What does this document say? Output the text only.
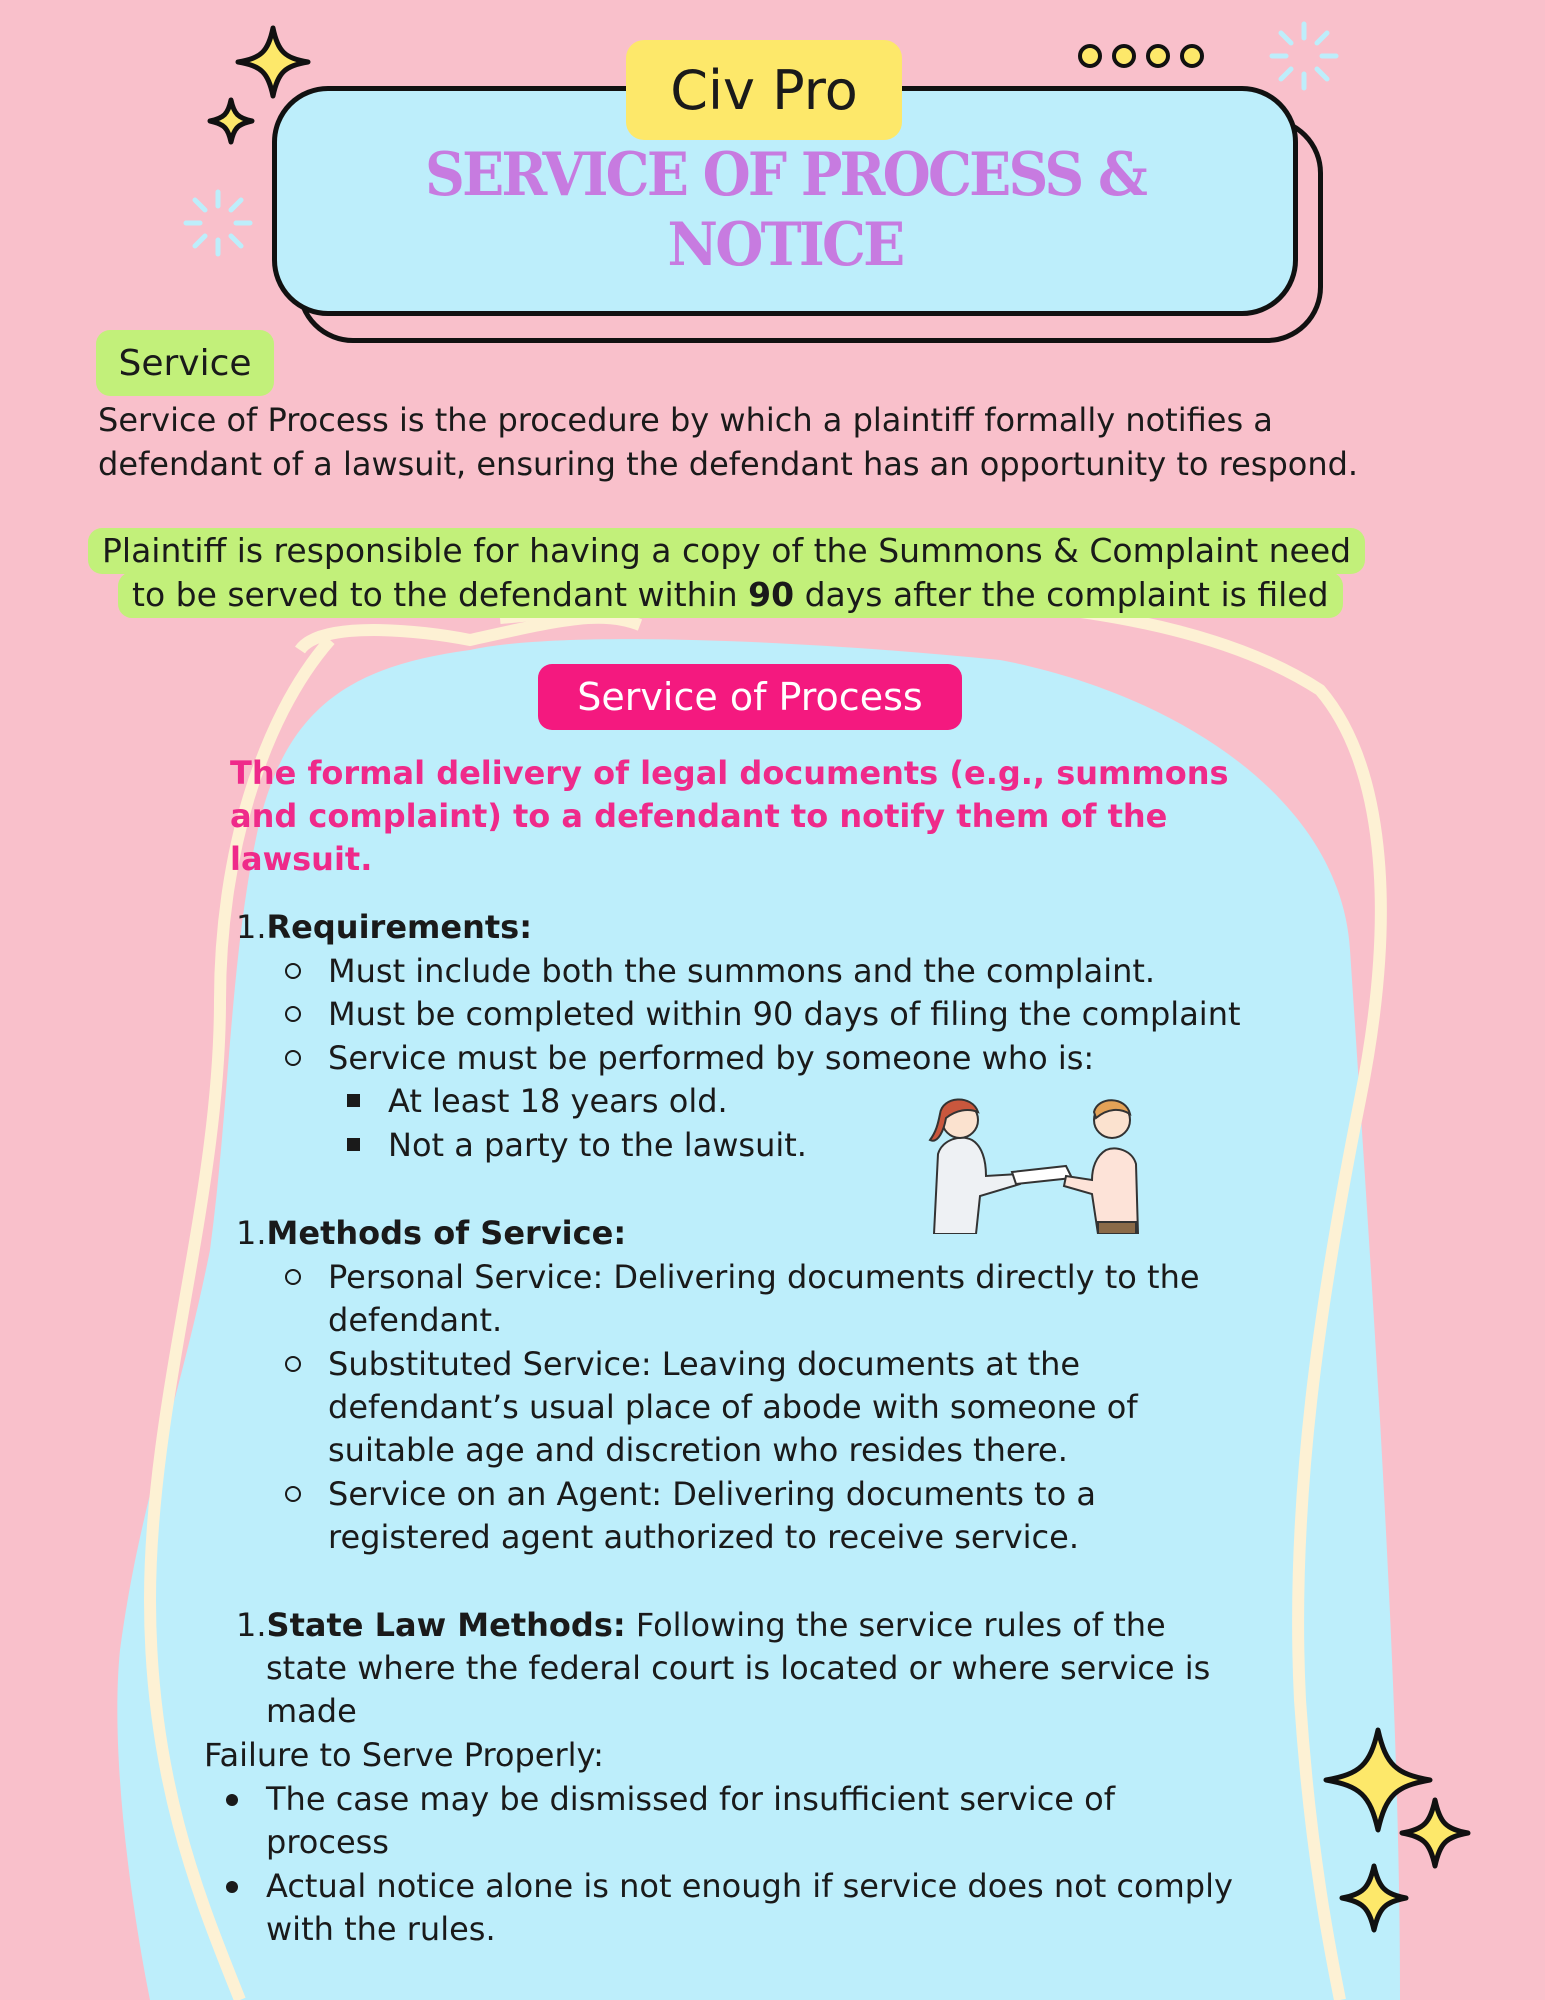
Civ Pro
SERVICE OF PROCESS & NOTICE
Service
Service of Process is the procedure by which a plaintiff formally notifies a
defendant of a lawsuit, ensuring the defendant has an opportunity to respond.
Plaintiff is responsible for having a copy of the Summons & Complaint need
to be served to the defendant within 90 days after the complaint is filed
Service of Process
The formal delivery of legal documents (e.g., summons
and complaint) to a defendant to notify them of the
lawsuit.
1.Requirements:
Must include both the summons and the complaint.
Must be completed within 90 days of filing the complaint
Service must be performed by someone who is:
At least 18 years old.
Not a party to the lawsuit.
1.Methods of Service:
Personal Service: Delivering documents directly to the
defendant.
Substituted Service: Leaving documents at the
defendant’s usual place of abode with someone of
suitable age and discretion who resides there.
Service on an Agent: Delivering documents to a
registered agent authorized to receive service.
1.State Law Methods: Following the service rules of the
state where the federal court is located or where service is
made
Failure to Serve Properly:
The case may be dismissed for insufficient service of
process
Actual notice alone is not enough if service does not comply
with the rules.
